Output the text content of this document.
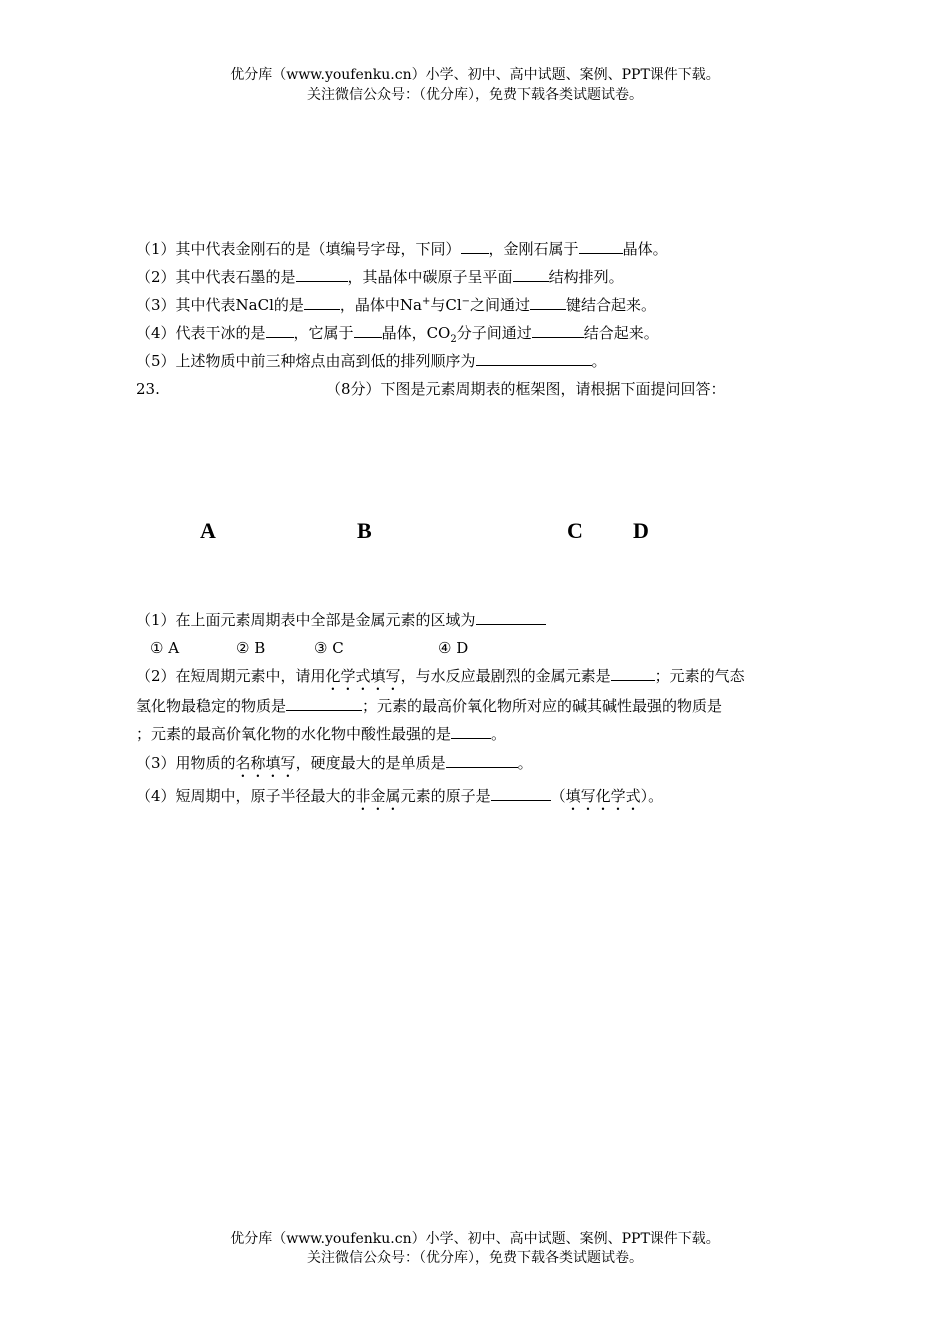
优分库（www.youfenku.cn）小学、初中、高中试题、案例、PPT课件下载。
关注微信公众号：（优分库），免费下载各类试题试卷。
（1）其中代表金刚石的是（填编号字母，下同） ，金刚石属于	晶体。
（2）其中代表石墨的是	，其晶体中碳原子呈平面 结构排列。
（3）其中代表NaCl的是 ，晶体中Na+与Cl−之间通过 键结合起来。
（4）代表干冰的是 ，它属于 晶体，$CO_2$分子间通过	结合起来。
（5）上述物质中前三种熔点由高到低的排列顺序为	。
23.	（8分）下图是元素周期表的框架图，请根据下面提问回答：
A	B	C D
（1）在上面元素周期表中全部是金属元素的区域为
① A	② B	③ C	④ D
（2）在短周期元素中，请用化学式填写，与水反应最剧烈的金属元素是	；元素的气态
氢化物最稳定的物质是	；元素的最高价氧化物所对应的碱其碱性最强的物质是
；元素的最高价氧化物的水化物中酸性最强的是	。
（3）用物质的名称填写，硬度最大的是单质是	。
（4）短周期中，原子半径最大的非金属元素的原子是	（填写化学式）。
优分库（www.youfenku.cn）小学、初中、高中试题、案例、PPT课件下载。
关注微信公众号：（优分库），免费下载各类试题试卷。
